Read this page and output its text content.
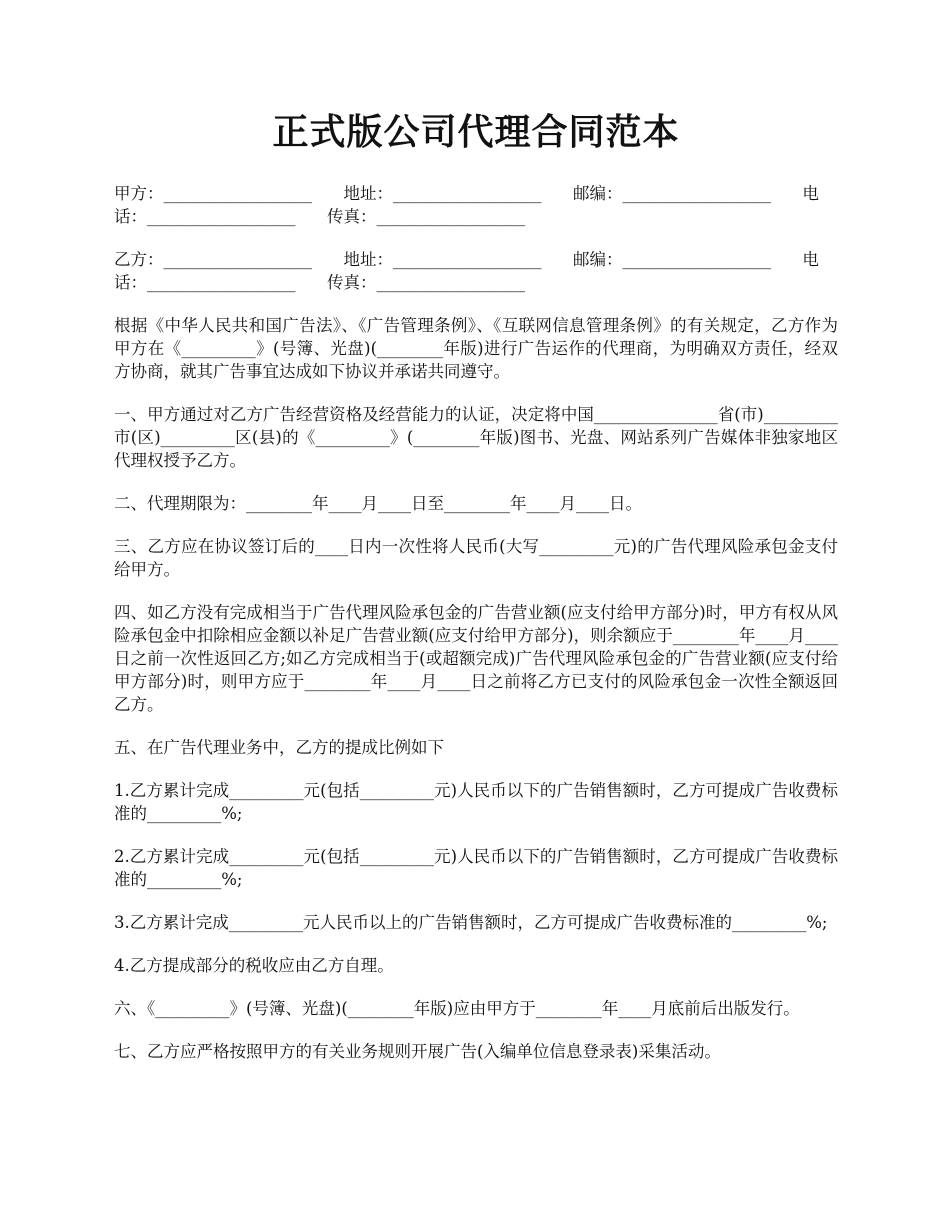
正式版公司代理合同范本

甲方：__________________      地址：__________________      邮编：__________________      电话：__________________      传真：__________________

乙方：__________________      地址：__________________      邮编：__________________      电话：__________________      传真：__________________

根据《中华人民共和国广告法》、《广告管理条例》、《互联网信息管理条例》的有关规定，乙方作为甲方在《_________》(号簿、光盘)(________年版)进行广告运作的代理商，为明确双方责任，经双方协商，就其广告事宜达成如下协议并承诺共同遵守。

一、甲方通过对乙方广告经营资格及经营能力的认证，决定将中国_______________省(市)_________市(区)_________区(县)的《_________》(________年版)图书、光盘、网站系列广告媒体非独家地区代理权授予乙方。

二、代理期限为：________年____月____日至________年____月____日。

三、乙方应在协议签订后的____日内一次性将人民币(大写_________元)的广告代理风险承包金支付给甲方。

四、如乙方没有完成相当于广告代理风险承包金的广告营业额(应支付给甲方部分)时，甲方有权从风险承包金中扣除相应金额以补足广告营业额(应支付给甲方部分)，则余额应于________年____月____日之前一次性返回乙方;如乙方完成相当于(或超额完成)广告代理风险承包金的广告营业额(应支付给甲方部分)时，则甲方应于________年____月____日之前将乙方已支付的风险承包金一次性全额返回乙方。

五、在广告代理业务中，乙方的提成比例如下

1.乙方累计完成_________元(包括_________元)人民币以下的广告销售额时，乙方可提成广告收费标准的_________%;

2.乙方累计完成_________元(包括_________元)人民币以下的广告销售额时，乙方可提成广告收费标准的_________%;

3.乙方累计完成_________元人民币以上的广告销售额时，乙方可提成广告收费标准的_________%;

4.乙方提成部分的税收应由乙方自理。

六、《_________》(号簿、光盘)(________年版)应由甲方于________年____月底前后出版发行。

七、乙方应严格按照甲方的有关业务规则开展广告(入编单位信息登录表)采集活动。
